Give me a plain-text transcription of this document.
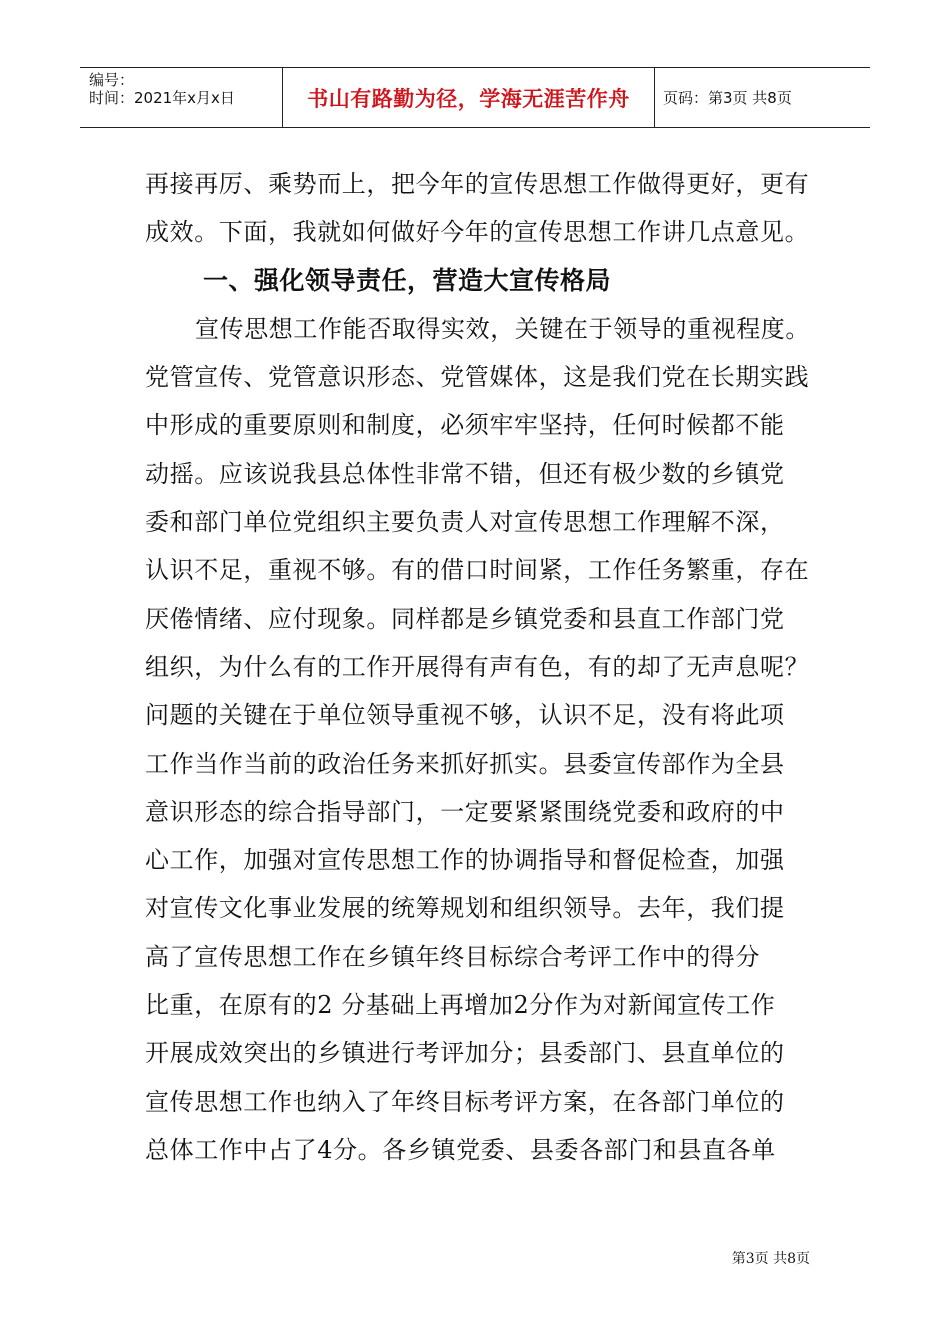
编号：
时间：2021年x月x日	书山有路勤为径，学海无涯苦作舟 页码：第3页 共8页
再接再厉、乘势而上，把今年的宣传思想工作做得更好，更有
成效。下面，我就如何做好今年的宣传思想工作讲几点意见。
一、强化领导责任，营造大宣传格局
宣传思想工作能否取得实效，关键在于领导的重视程度。
党管宣传、党管意识形态、党管媒体，这是我们党在长期实践
中形成的重要原则和制度，必须牢牢坚持，任何时候都不能
动摇。应该说我县总体性非常不错，但还有极少数的乡镇党
委和部门单位党组织主要负责人对宣传思想工作理解不深，
认识不足，重视不够。有的借口时间紧，工作任务繁重，存在
厌倦情绪、应付现象。同样都是乡镇党委和县直工作部门党
组织，为什么有的工作开展得有声有色，有的却了无声息呢？
问题的关键在于单位领导重视不够，认识不足，没有将此项
工作当作当前的政治任务来抓好抓实。县委宣传部作为全县
意识形态的综合指导部门，一定要紧紧围绕党委和政府的中
心工作，加强对宣传思想工作的协调指导和督促检查，加强
对宣传文化事业发展的统筹规划和组织领导。去年，我们提
高了宣传思想工作在乡镇年终目标综合考评工作中的得分
比重，在原有的2 分基础上再增加2分作为对新闻宣传工作
开展成效突出的乡镇进行考评加分；县委部门、县直单位的
宣传思想工作也纳入了年终目标考评方案，在各部门单位的
总体工作中占了4分。各乡镇党委、县委各部门和县直各单
第3页 共8页
